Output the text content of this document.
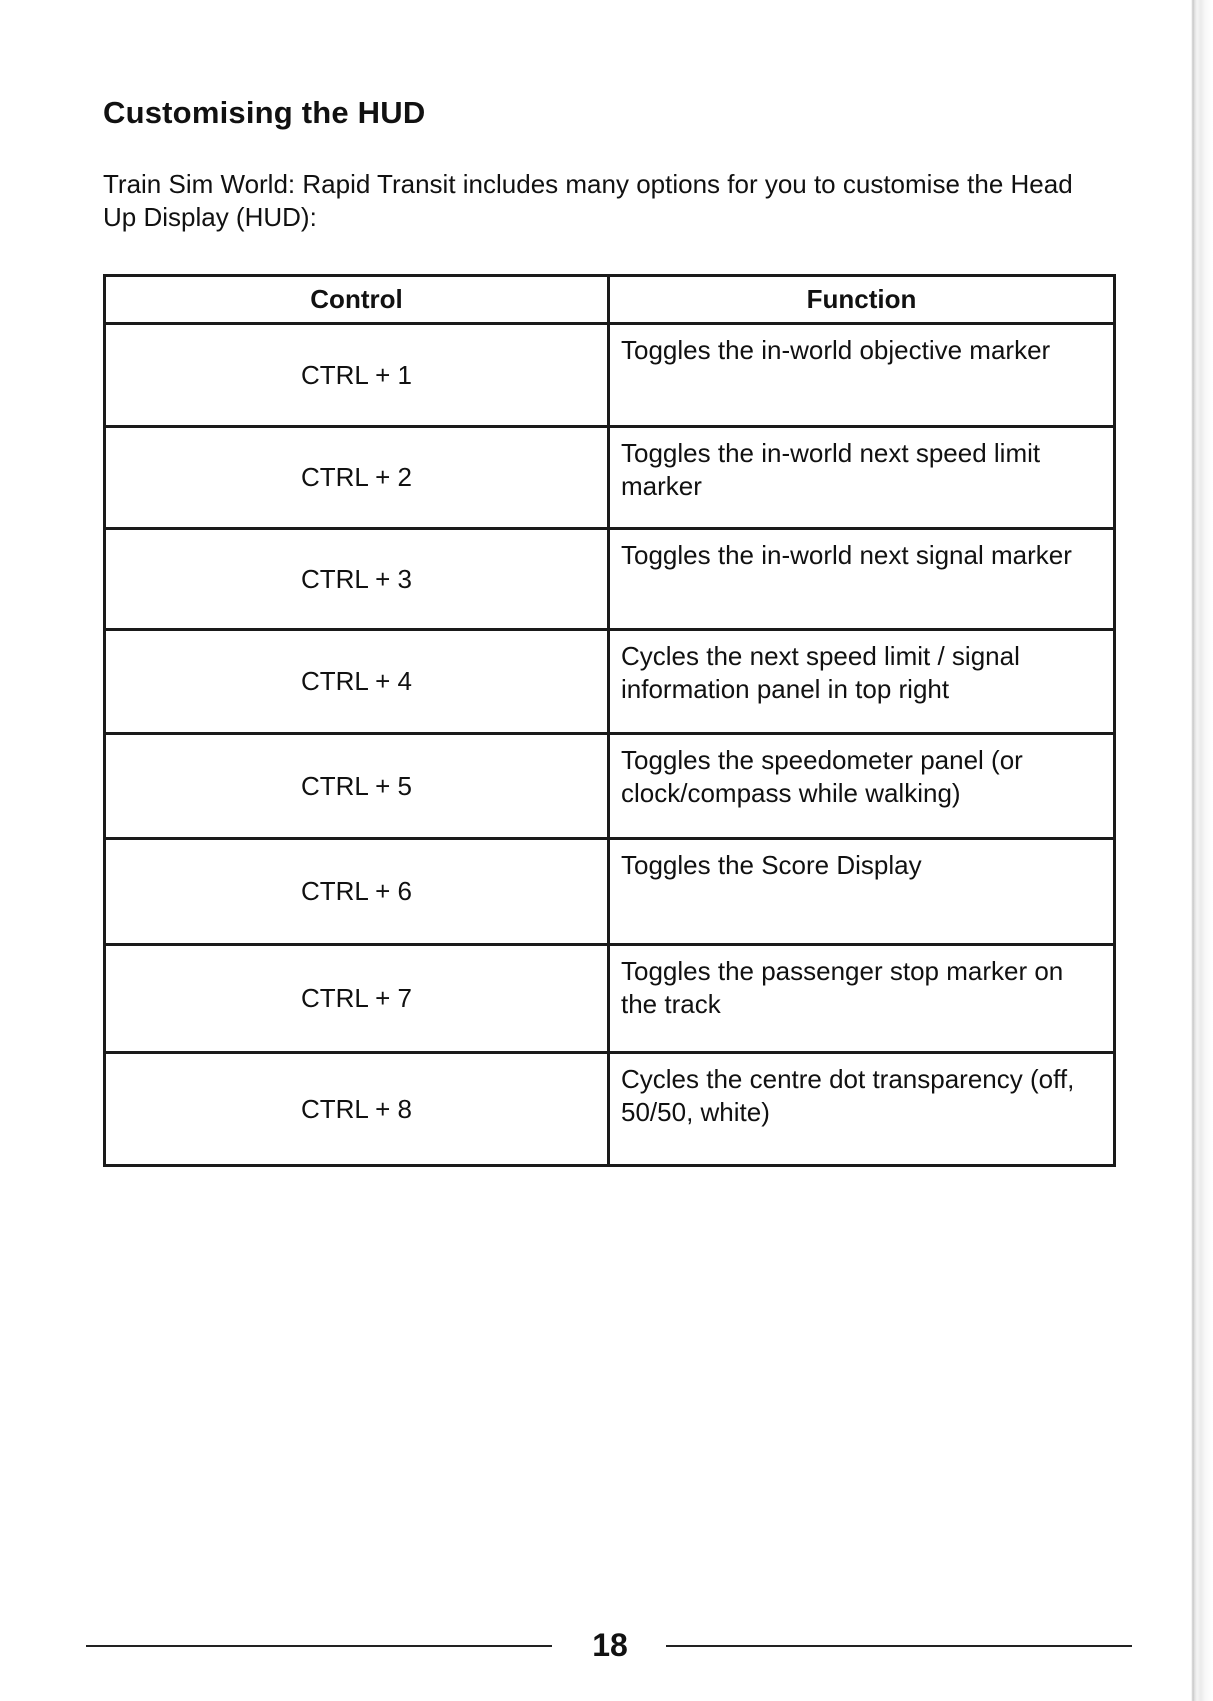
Customising the HUD

Train Sim World: Rapid Transit includes many options for you to customise the Head Up Display (HUD):

Control	Function
CTRL + 1	Toggles the in-world objective marker
CTRL + 2	Toggles the in-world next speed limit marker
CTRL + 3	Toggles the in-world next signal marker
CTRL + 4	Cycles the next speed limit / signal information panel in top right
CTRL + 5	Toggles the speedometer panel (or clock/compass while walking)
CTRL + 6	Toggles the Score Display
CTRL + 7	Toggles the passenger stop marker on the track
CTRL + 8	Cycles the centre dot transparency (off, 50/50, white)
18
